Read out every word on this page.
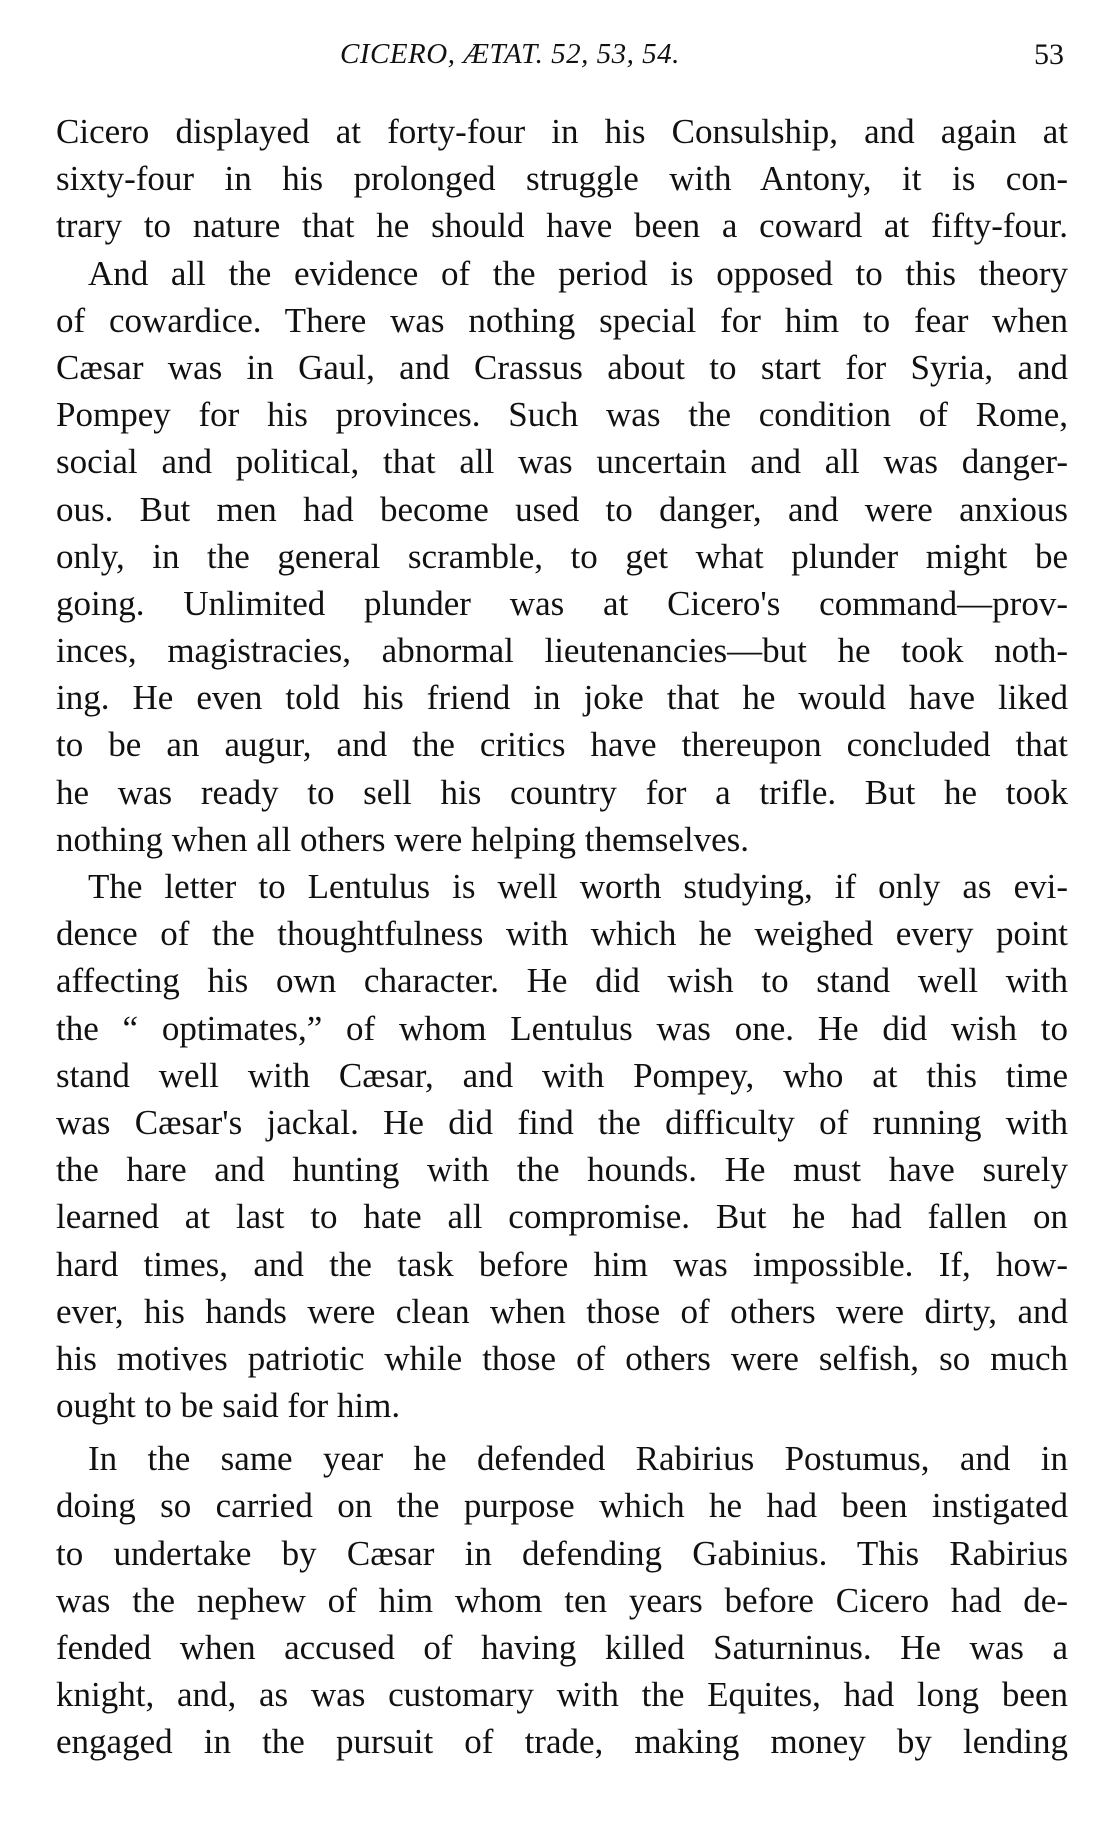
CICERO, ÆTAT. 52, 53, 54.	53
Cicero displayed at forty-four in his Consulship, and again at
sixty-four in his prolonged struggle with Antony, it is con-
trary to nature that he should have been a coward at fifty-four.
And all the evidence of the period is opposed to this theory
of cowardice. There was nothing special for him to fear when
Cæsar was in Gaul, and Crassus about to start for Syria, and
Pompey for his provinces. Such was the condition of Rome,
social and political, that all was uncertain and all was danger-
ous. But men had become used to danger, and were anxious
only, in the general scramble, to get what plunder might be
going. Unlimited plunder was at Cicero's command—prov-
inces, magistracies, abnormal lieutenancies—but he took noth-
ing. He even told his friend in joke that he would have liked
to be an augur, and the critics have thereupon concluded that
he was ready to sell his country for a trifle. But he took
nothing when all others were helping themselves.
The letter to Lentulus is well worth studying, if only as evi-
dence of the thoughtfulness with which he weighed every point
affecting his own character. He did wish to stand well with
the “ optimates,” of whom Lentulus was one. He did wish to
stand well with Cæsar, and with Pompey, who at this time
was Cæsar's jackal. He did find the difficulty of running with
the hare and hunting with the hounds. He must have surely
learned at last to hate all compromise. But he had fallen on
hard times, and the task before him was impossible. If, how-
ever, his hands were clean when those of others were dirty, and
his motives patriotic while those of others were selfish, so much
ought to be said for him.
In the same year he defended Rabirius Postumus, and in
doing so carried on the purpose which he had been instigated
to undertake by Cæsar in defending Gabinius. This Rabirius
was the nephew of him whom ten years before Cicero had de-
fended when accused of having killed Saturninus. He was a
knight, and, as was customary with the Equites, had long been
engaged in the pursuit of trade, making money by lending
